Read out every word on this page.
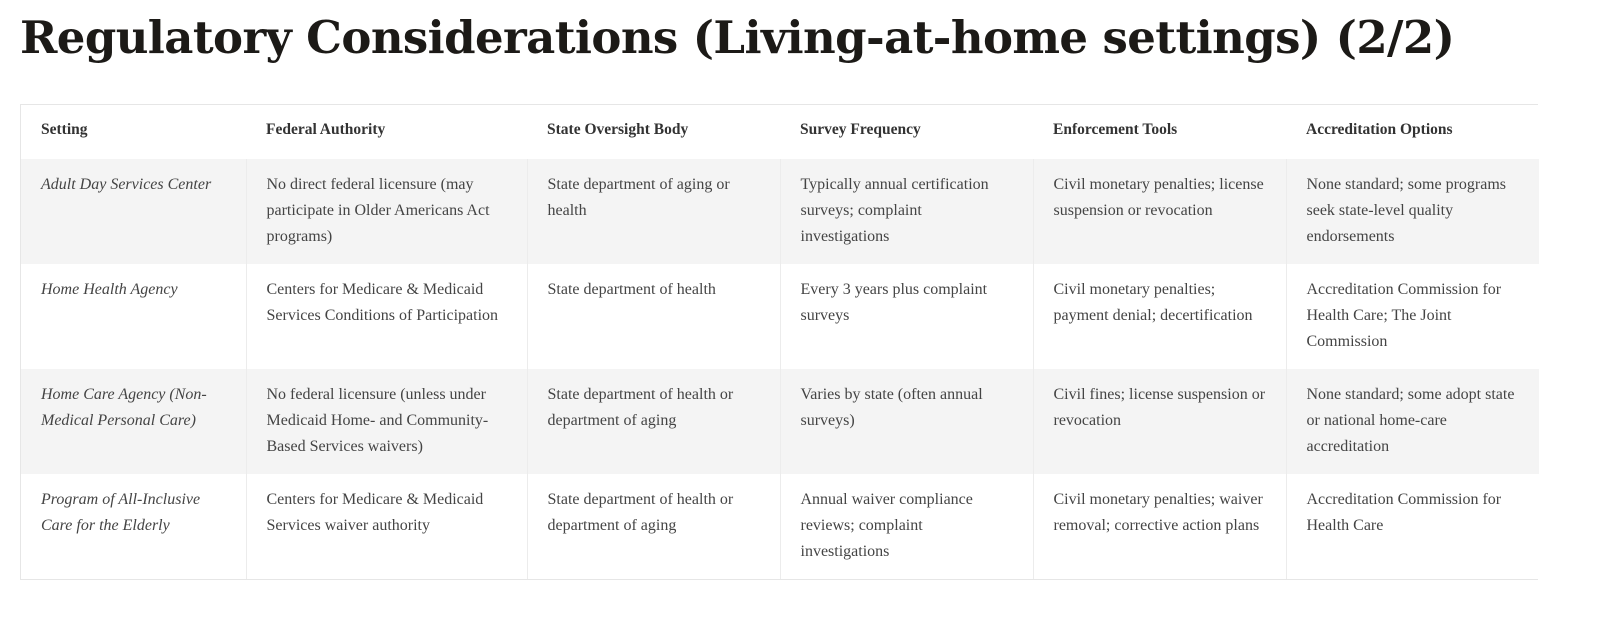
Regulatory Considerations (Living-at-home settings) (2/2)
Setting	Federal Authority	State Oversight Body	Survey Frequency	Enforcement Tools	Accreditation Options
Adult Day Services Center	No direct federal licensure (may participate in Older Americans Act programs)	State department of aging or health	Typically annual certification surveys; complaint investigations	Civil monetary penalties; license suspension or revocation	None standard; some programs seek state-level quality endorsements
Home Health Agency	Centers for Medicare & Medicaid Services Conditions of Participation	State department of health	Every 3 years plus complaint surveys	Civil monetary penalties; payment denial; decertification	Accreditation Commission for Health Care; The Joint Commission
Home Care Agency (Non-Medical Personal Care)	No federal licensure (unless under Medicaid Home- and Community-Based Services waivers)	State department of health or department of aging	Varies by state (often annual surveys)	Civil fines; license suspension or revocation	None standard; some adopt state or national home-care accreditation
Program of All-Inclusive Care for the Elderly	Centers for Medicare & Medicaid Services waiver authority	State department of health or department of aging	Annual waiver compliance reviews; complaint investigations	Civil monetary penalties; waiver removal; corrective action plans	Accreditation Commission for Health Care
